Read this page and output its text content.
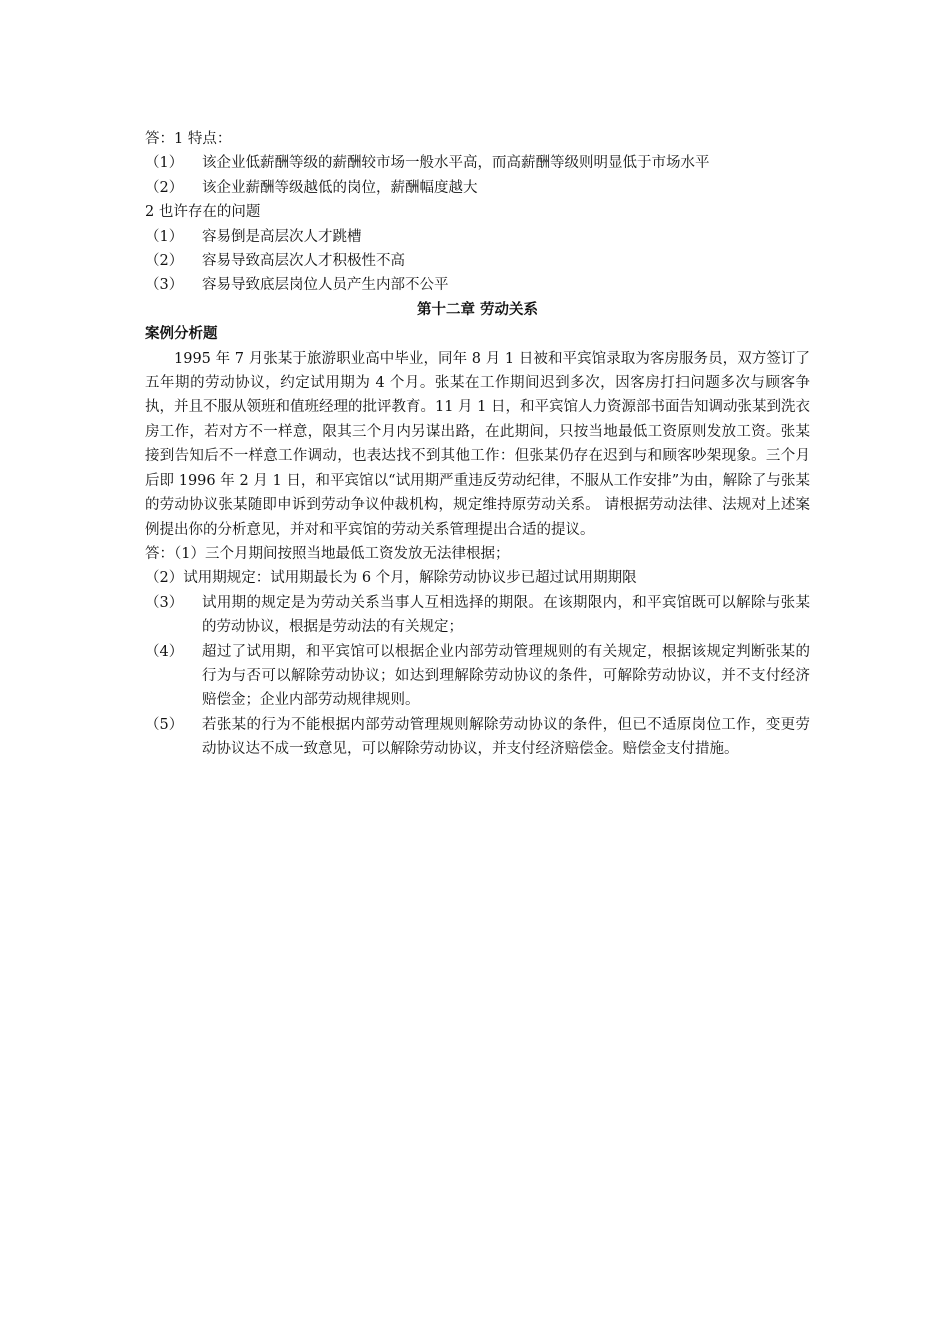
答：1 特点：
（1）	该企业低薪酬等级的薪酬较市场一般水平高，而高薪酬等级则明显低于市场水平
（2）	该企业薪酬等级越低的岗位，薪酬幅度越大
2 也许存在的问题
（1）	容易倒是高层次人才跳槽
（2）	容易导致高层次人才积极性不高
（3）	容易导致底层岗位人员产生内部不公平
第十二章 劳动关系
案例分析题
1995 年 7 月张某于旅游职业高中毕业，同年 8 月 1 日被和平宾馆录取为客房服务员，双方签订了五年期的劳动协议，约定试用期为 4 个月。张某在工作期间迟到多次，因客房打扫问题多次与顾客争执，并且不服从领班和值班经理的批评教育。11 月 1 日，和平宾馆人力资源部书面告知调动张某到洗衣房工作，若对方不一样意，限其三个月内另谋出路，在此期间，只按当地最低工资原则发放工资。张某接到告知后不一样意工作调动，也表达找不到其他工作：但张某仍存在迟到与和顾客吵架现象。三个月后即 1996 年 2 月 1 日，和平宾馆以“试用期严重违反劳动纪律，不服从工作安排”为由，解除了与张某的劳动协议张某随即申诉到劳动争议仲裁机构，规定维持原劳动关系。 请根据劳动法律、法规对上述案例提出你的分析意见，并对和平宾馆的劳动关系管理提出合适的提议。
答：（1）三个月期间按照当地最低工资发放无法律根据；
（2）试用期规定：试用期最长为 6 个月，解除劳动协议步已超过试用期期限
（3）	试用期的规定是为劳动关系当事人互相选择的期限。在该期限内，和平宾馆既可以解除与张某的劳动协议，根据是劳动法的有关规定；
（4）	超过了试用期，和平宾馆可以根据企业内部劳动管理规则的有关规定，根据该规定判断张某的行为与否可以解除劳动协议；如达到理解除劳动协议的条件，可解除劳动协议，并不支付经济赔偿金；企业内部劳动规律规则。
（5）	若张某的行为不能根据内部劳动管理规则解除劳动协议的条件，但已不适原岗位工作，变更劳动协议达不成一致意见，可以解除劳动协议，并支付经济赔偿金。赔偿金支付措施。
